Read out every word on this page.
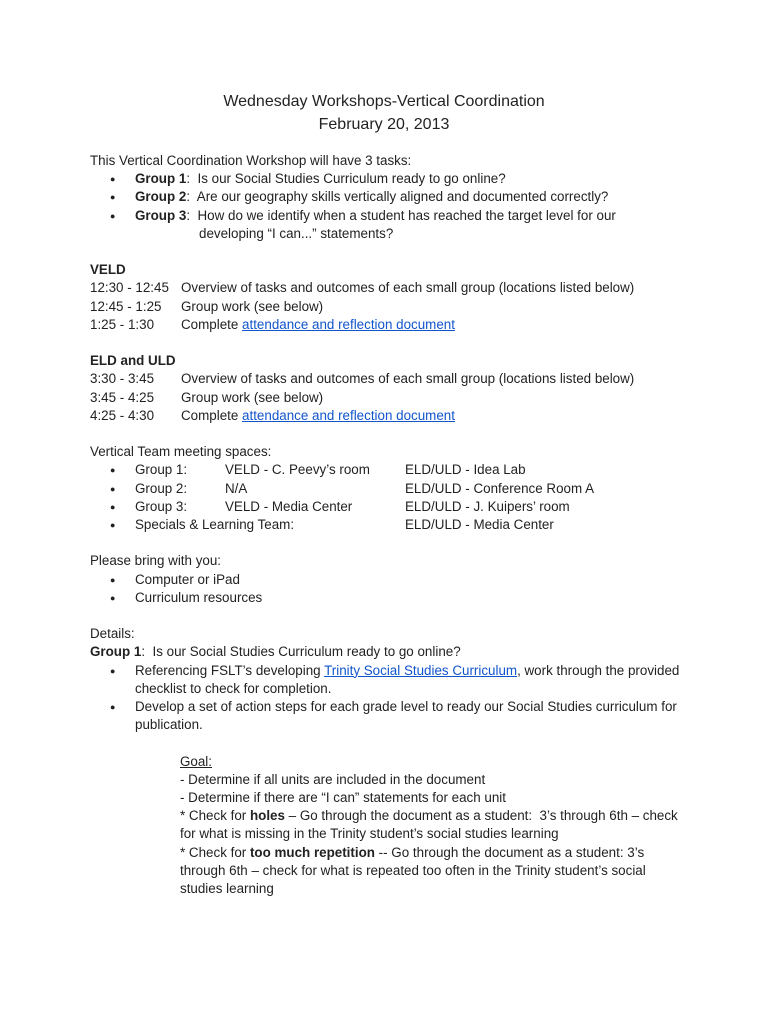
Wednesday Workshops-Vertical Coordination
February 20, 2013
This Vertical Coordination Workshop will have 3 tasks:
● Group 1:  Is our Social Studies Curriculum ready to go online?
● Group 2:  Are our geography skills vertically aligned and documented correctly?
● Group 3:  How do we identify when a student has reached the target level for our
developing “I can...” statements?
VELD
12:30 - 12:45 Overview of tasks and outcomes of each small group (locations listed below)
12:45 - 1:25	Group work (see below)
1:25 - 1:30	Complete attendance and reflection document
ELD and ULD
3:30 - 3:45	Overview of tasks and outcomes of each small group (locations listed below)
3:45 - 4:25	Group work (see below)
4:25 - 4:30	Complete attendance and reflection document
Vertical Team meeting spaces:
● Group 1:	VELD - C. Peevy’s room	ELD/ULD - Idea Lab
● Group 2:	N/A	ELD/ULD - Conference Room A
● Group 3:	VELD - Media Center	ELD/ULD - J. Kuipers’ room
● Specials & Learning Team:	ELD/ULD - Media Center
Please bring with you:
● Computer or iPad
● Curriculum resources
Details:
Group 1:  Is our Social Studies Curriculum ready to go online?
● Referencing FSLT’s developing Trinity Social Studies Curriculum, work through the provided checklist to check for completion.
● Develop a set of action steps for each grade level to ready our Social Studies curriculum for publication.
Goal:
- Determine if all units are included in the document
- Determine if there are “I can” statements for each unit
* Check for holes – Go through the document as a student:  3’s through 6th – check for what is missing in the Trinity student’s social studies learning
* Check for too much repetition -- Go through the document as a student: 3’s through 6th – check for what is repeated too often in the Trinity student’s social studies learning
